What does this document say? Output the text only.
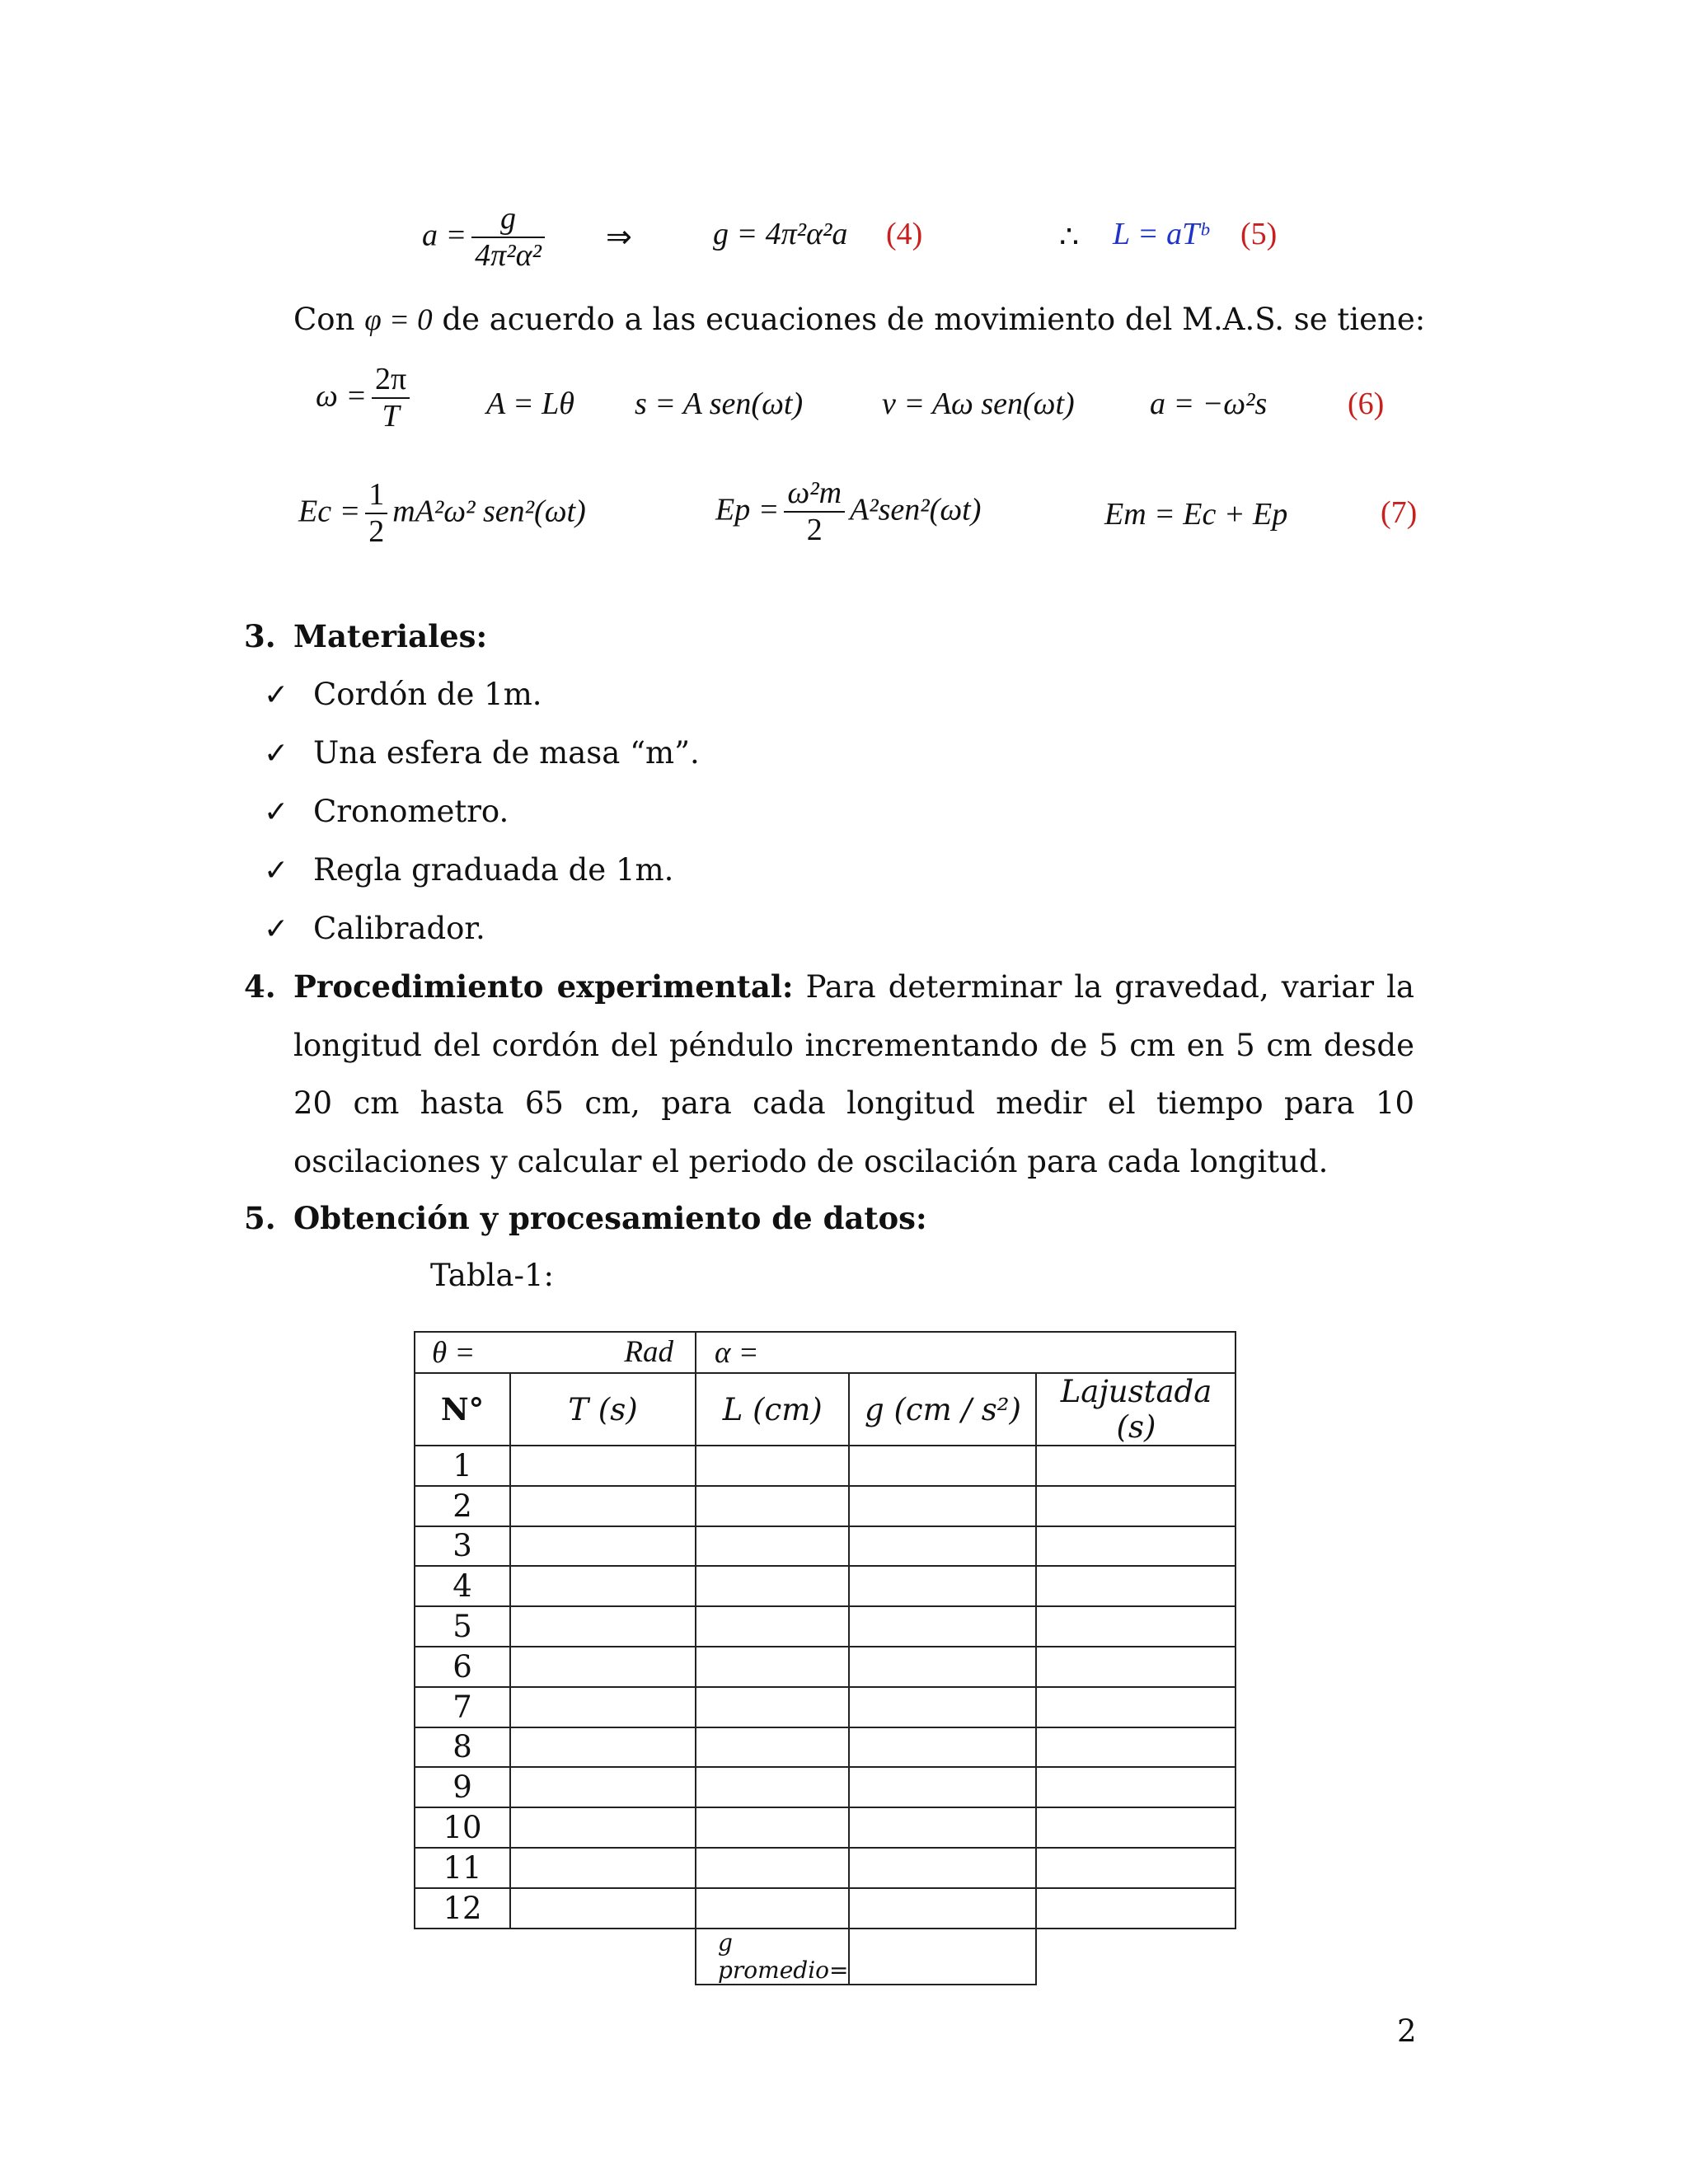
$a = \frac{g}{\text{4π²α²}}$ ⇒	g = 4π²α²a (4)	∴ L = aTᵇ (5)
Con φ = 0 de acuerdo a las ecuaciones de movimiento del M.A.S. se tiene:
$\omega = \frac{2\pi}{T}$ A = Lθ s = A sen(ωt)	v = Aω sen(ωt) a = −ω²s	(6)
$Ec = \frac{1}{2} mA^2\omega^2$ sen²(ωt)	$Ep = \frac{\text{ω²m}}{2} A^2sen^2(\omega t)$	Em = Ec + Ep	(7)
3. Materiales:
✓ Cordón de 1m.
✓ Una esfera de masa “m”.
✓ Cronometro.
✓ Regla graduada de 1m.
✓ Calibrador.
4. Procedimiento experimental: Para determinar la gravedad, variar la longitud del cordón del péndulo incrementando de 5 cm en 5 cm desde 20 cm hasta 65 cm, para cada longitud medir el tiempo para 10 oscilaciones y calcular el periodo de oscilación para cada longitud.
5. Obtención y procesamiento de datos:
Tabla-1:
θ = Rad		α =		
N°	T (s)	L (cm)	g (cm / s²)	Lajustada (s)
1				
2				
3				
4				
5				
6				
7				
8				
9				
10				
11				
12				
		g promedio=		
2
